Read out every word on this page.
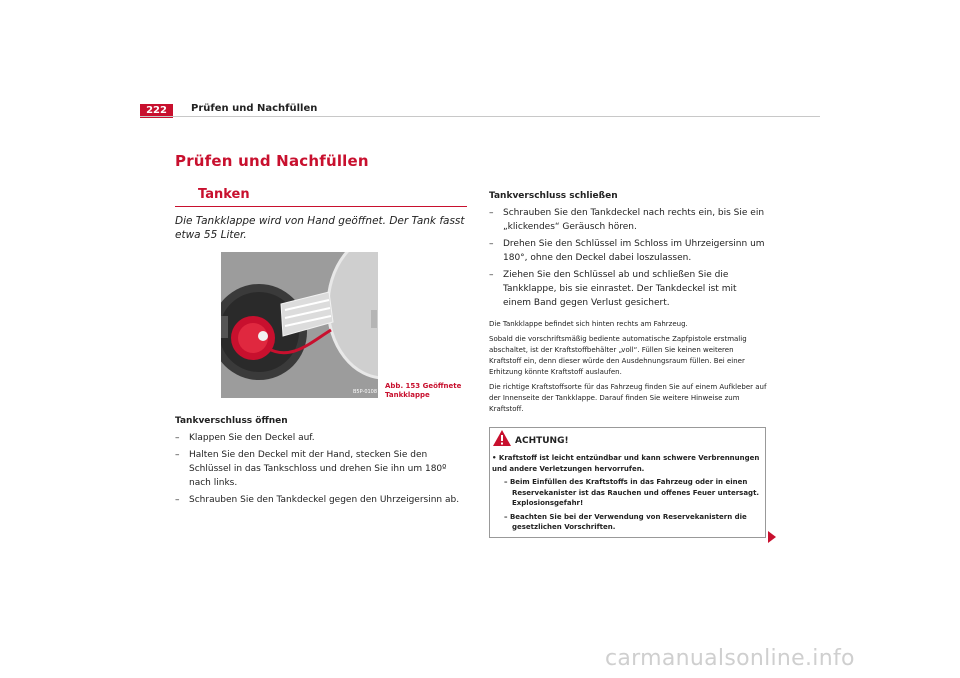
222	Prüfen und Nachfüllen
Prüfen und Nachfüllen
Tanken
Die Tankklappe wird von Hand geöffnet. Der Tank fasst etwa 55 Liter.
B5P-0108
Abb. 153 Geöffnete
Tankklappe
Tankverschluss öffnen
– Klappen Sie den Deckel auf.
– Halten Sie den Deckel mit der Hand, stecken Sie den Schlüssel in das Tankschloss und drehen Sie ihn um 180º nach links.
– Schrauben Sie den Tankdeckel gegen den Uhrzeigersinn ab.
Tankverschluss schließen
– Schrauben Sie den Tankdeckel nach rechts ein, bis Sie ein „klickendes“ Geräusch hören.
– Drehen Sie den Schlüssel im Schloss im Uhrzeigersinn um 180°, ohne den Deckel dabei loszulassen.
– Ziehen Sie den Schlüssel ab und schließen Sie die Tankklappe, bis sie einrastet. Der Tankdeckel ist mit einem Band gegen Verlust gesichert.

Die Tankklappe befindet sich hinten rechts am Fahrzeug.

Sobald die vorschriftsmäßig bediente automatische Zapfpistole erstmalig abschaltet, ist der Kraftstoffbehälter „voll“. Füllen Sie keinen weiteren Kraftstoff ein, denn dieser würde den Ausdehnungsraum füllen. Bei einer Erhitzung könnte Kraftstoff auslaufen.

Die richtige Kraftstoffsorte für das Fahrzeug finden Sie auf einem Aufkleber auf der Innenseite der Tankklappe. Darauf finden Sie weitere Hinweise zum Kraftstoff.

ACHTUNG!
• Kraftstoff ist leicht entzündbar und kann schwere Verbrennungen und andere Verletzungen hervorrufen.
– Beim Einfüllen des Kraftstoffs in das Fahrzeug oder in einen Reservekanister ist das Rauchen und offenes Feuer untersagt. Explosionsgefahr!
– Beachten Sie bei der Verwendung von Reservekanistern die gesetzlichen Vorschriften.
carmanualsonline.info
